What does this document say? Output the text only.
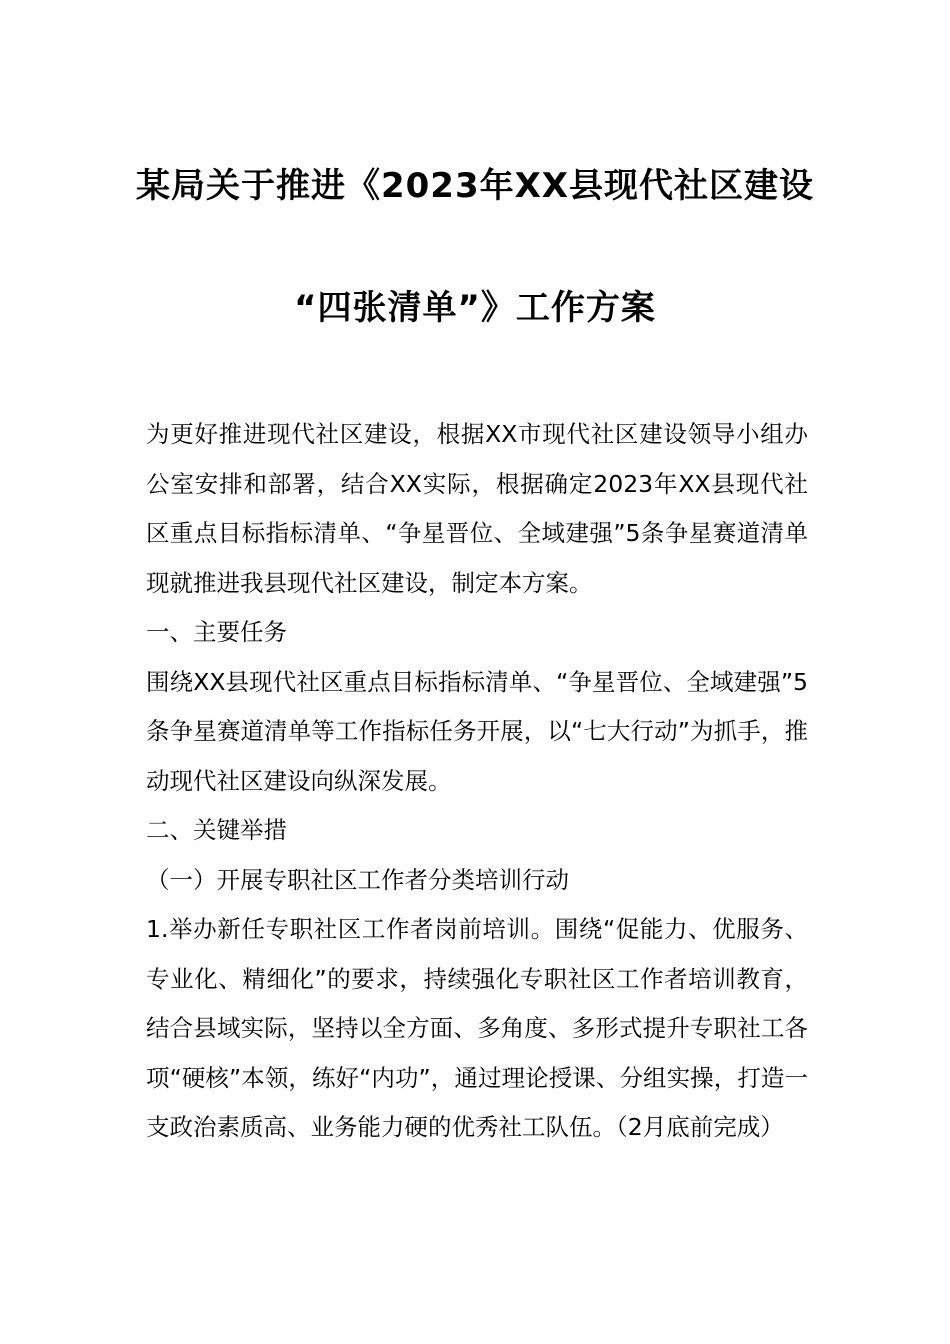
某局关于推进《2023年XX县现代社区建设
“四张清单”》工作方案

为更好推进现代社区建设，根据XX市现代社区建设领导小组办公室安排和部署，结合XX实际，根据确定2023年XX县现代社区重点目标指标清单、“争星晋位、全域建强”5条争星赛道清单现就推进我县现代社区建设，制定本方案。

一、主要任务

围绕XX县现代社区重点目标指标清单、“争星晋位、全域建强”5条争星赛道清单等工作指标任务开展，以“七大行动”为抓手，推动现代社区建设向纵深发展。

二、关键举措

（一）开展专职社区工作者分类培训行动

1.举办新任专职社区工作者岗前培训。围绕“促能力、优服务、专业化、精细化”的要求，持续强化专职社区工作者培训教育，结合县域实际，坚持以全方面、多角度、多形式提升专职社工各项“硬核”本领，练好“内功”，通过理论授课、分组实操，打造一支政治素质高、业务能力硬的优秀社工队伍。（2月底前完成）
